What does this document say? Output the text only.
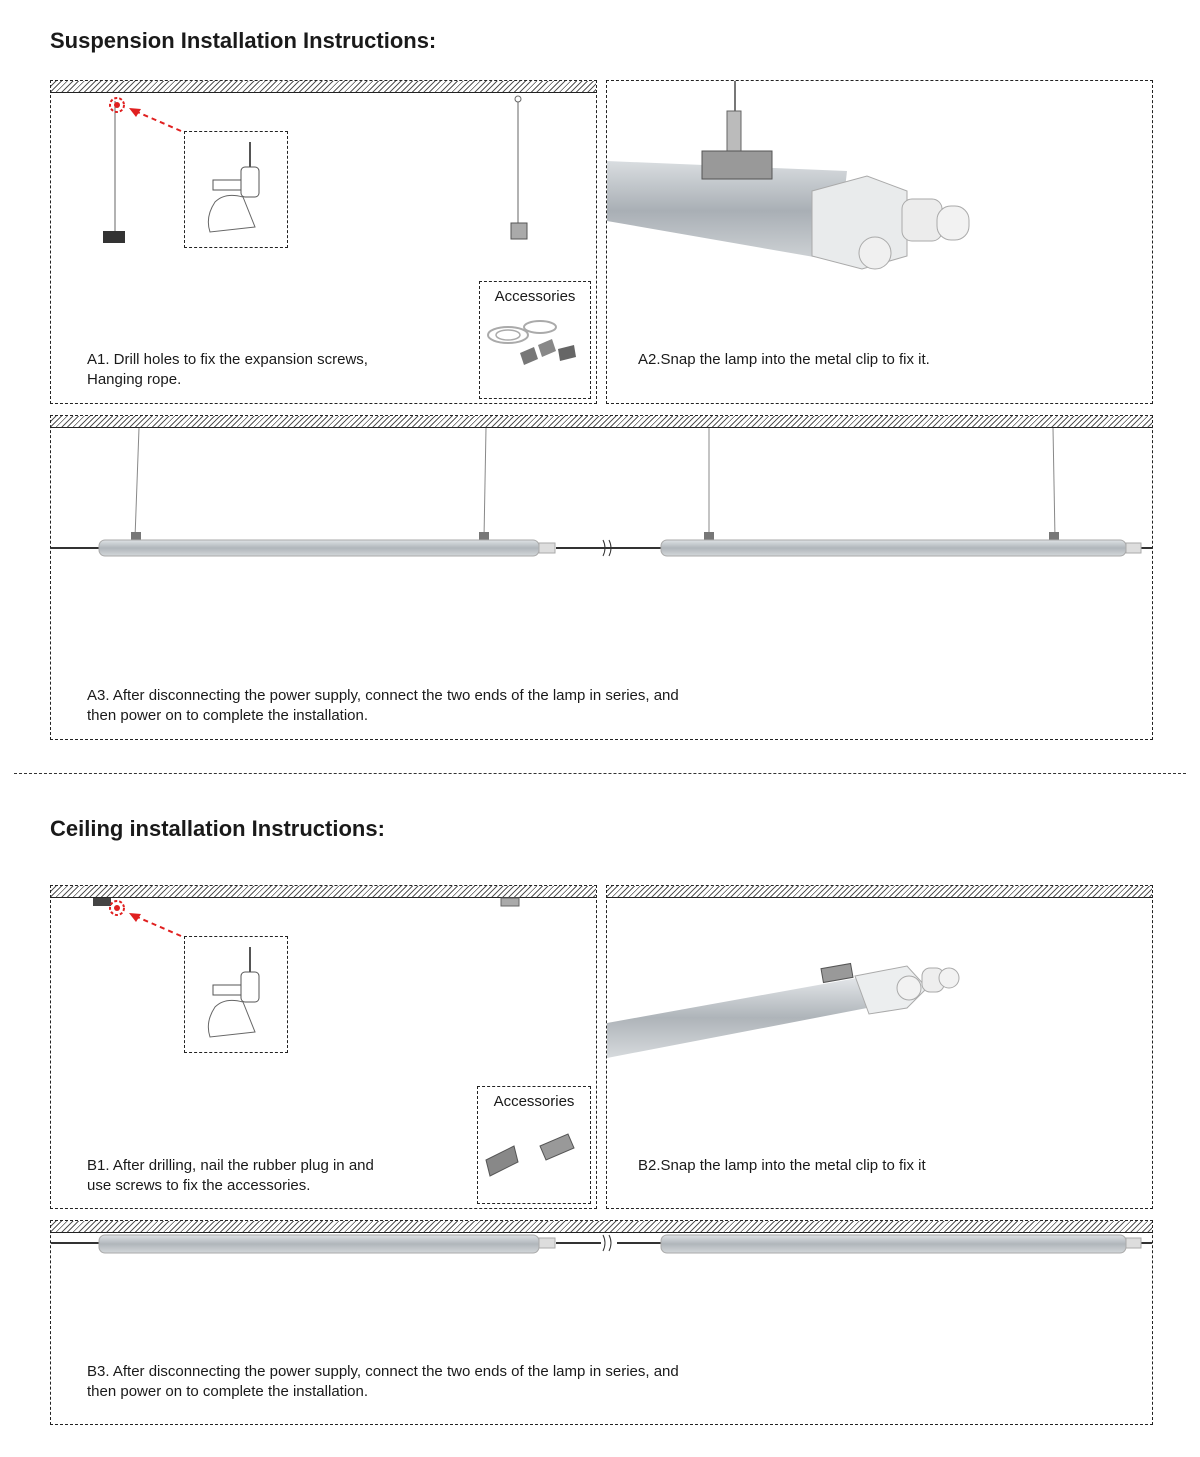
Suspension Installation Instructions:
Accessories
A1. Drill holes to fix the expansion screws,
Hanging rope.
A2.Snap the lamp into the metal clip to fix it.
A3. After disconnecting the power supply, connect the two ends of the lamp in series, and
then power on to complete the installation.
Ceiling installation Instructions:
Accessories
B1. After drilling, nail the rubber plug in and
use screws to fix the accessories.
B2.Snap the lamp into the metal clip to fix it
B3. After disconnecting the power supply, connect the two ends of the lamp in series, and
then power on to complete the installation.
